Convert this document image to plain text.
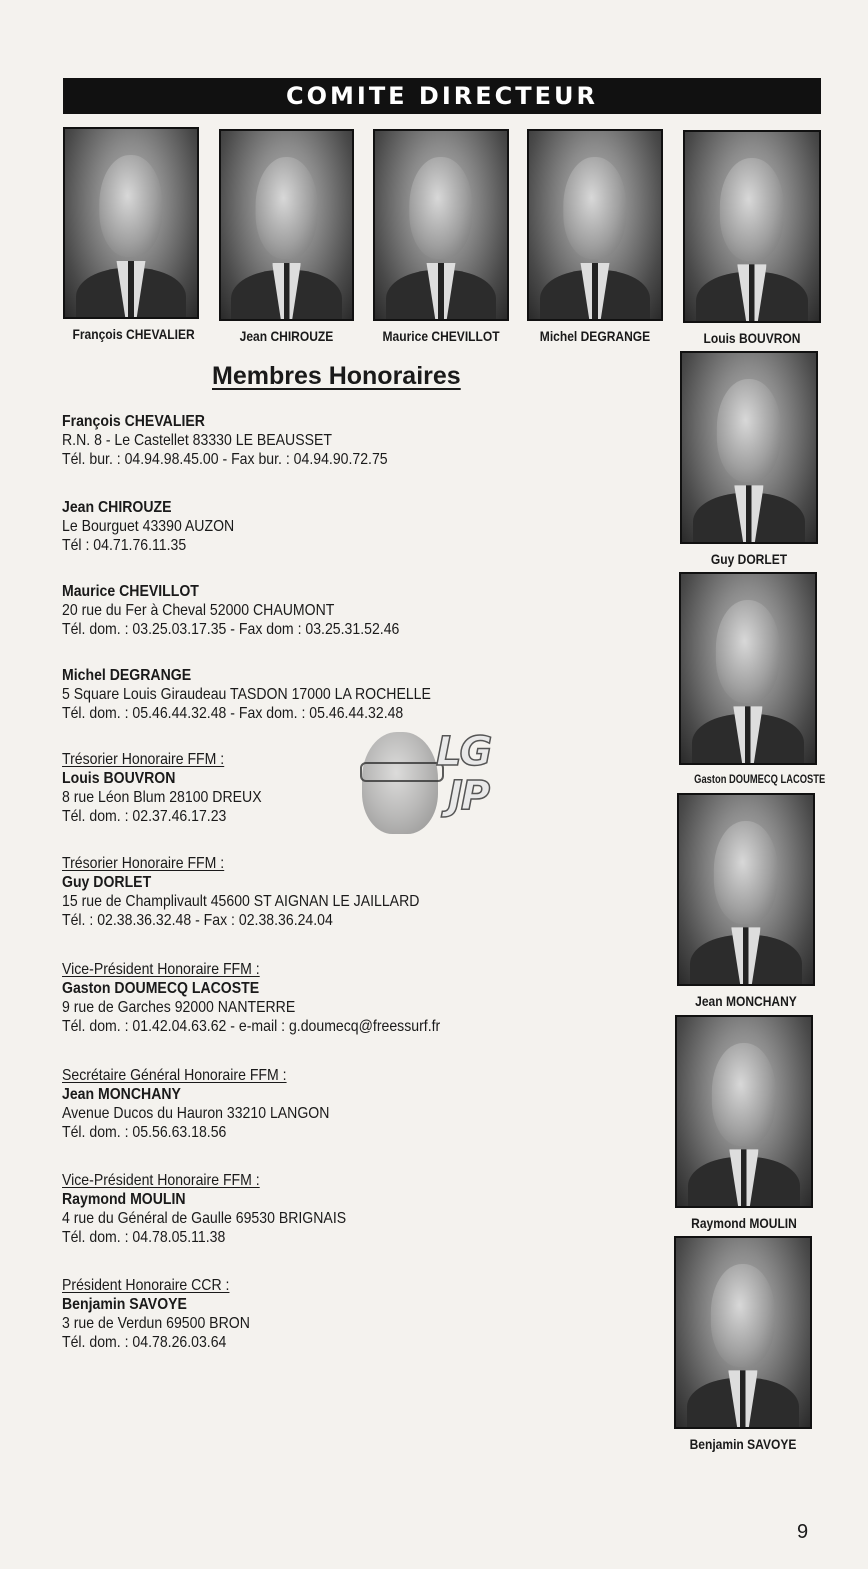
COMITE DIRECTEUR
François CHEVALIER	Jean CHIROUZE	Maurice CHEVILLOT	Michel DEGRANGE	Louis BOUVRON
Membres Honoraires
François CHEVALIER
R.N. 8 - Le Castellet 83330 LE BEAUSSET
Tél. bur. : 04.94.98.45.00 - Fax bur. : 04.94.90.72.75
Jean CHIROUZE
Le Bourguet 43390 AUZON
Tél : 04.71.76.11.35
Maurice CHEVILLOT
20 rue du Fer à Cheval 52000 CHAUMONT
Tél. dom. : 03.25.03.17.35 - Fax dom : 03.25.31.52.46
Michel DEGRANGE
5 Square Louis Giraudeau TASDON 17000 LA ROCHELLE
Tél. dom. : 05.46.44.32.48 - Fax dom. : 05.46.44.32.48
Trésorier Honoraire FFM :
Louis BOUVRON
8 rue Léon Blum 28100 DREUX
Tél. dom. : 02.37.46.17.23
Trésorier Honoraire FFM :
Guy DORLET
15 rue de Champlivault 45600 ST AIGNAN LE JAILLARD
Tél. : 02.38.36.32.48 - Fax : 02.38.36.24.04
Vice-Président Honoraire FFM :
Gaston DOUMECQ LACOSTE
9 rue de Garches 92000 NANTERRE
Tél. dom. : 01.42.04.63.62 - e-mail : g.doumecq@freessurf.fr
Secrétaire Général Honoraire FFM :
Jean MONCHANY
Avenue Ducos du Hauron 33210 LANGON
Tél. dom. : 05.56.63.18.56
Vice-Président Honoraire FFM :
Raymond MOULIN
4 rue du Général de Gaulle 69530 BRIGNAIS
Tél. dom. : 04.78.05.11.38
Président Honoraire CCR :
Benjamin SAVOYE
3 rue de Verdun 69500 BRON
Tél. dom. : 04.78.26.03.64
LG
JP
Guy DORLET
Gaston DOUMECQ LACOSTE
Jean MONCHANY
Raymond MOULIN
Benjamin SAVOYE
9
